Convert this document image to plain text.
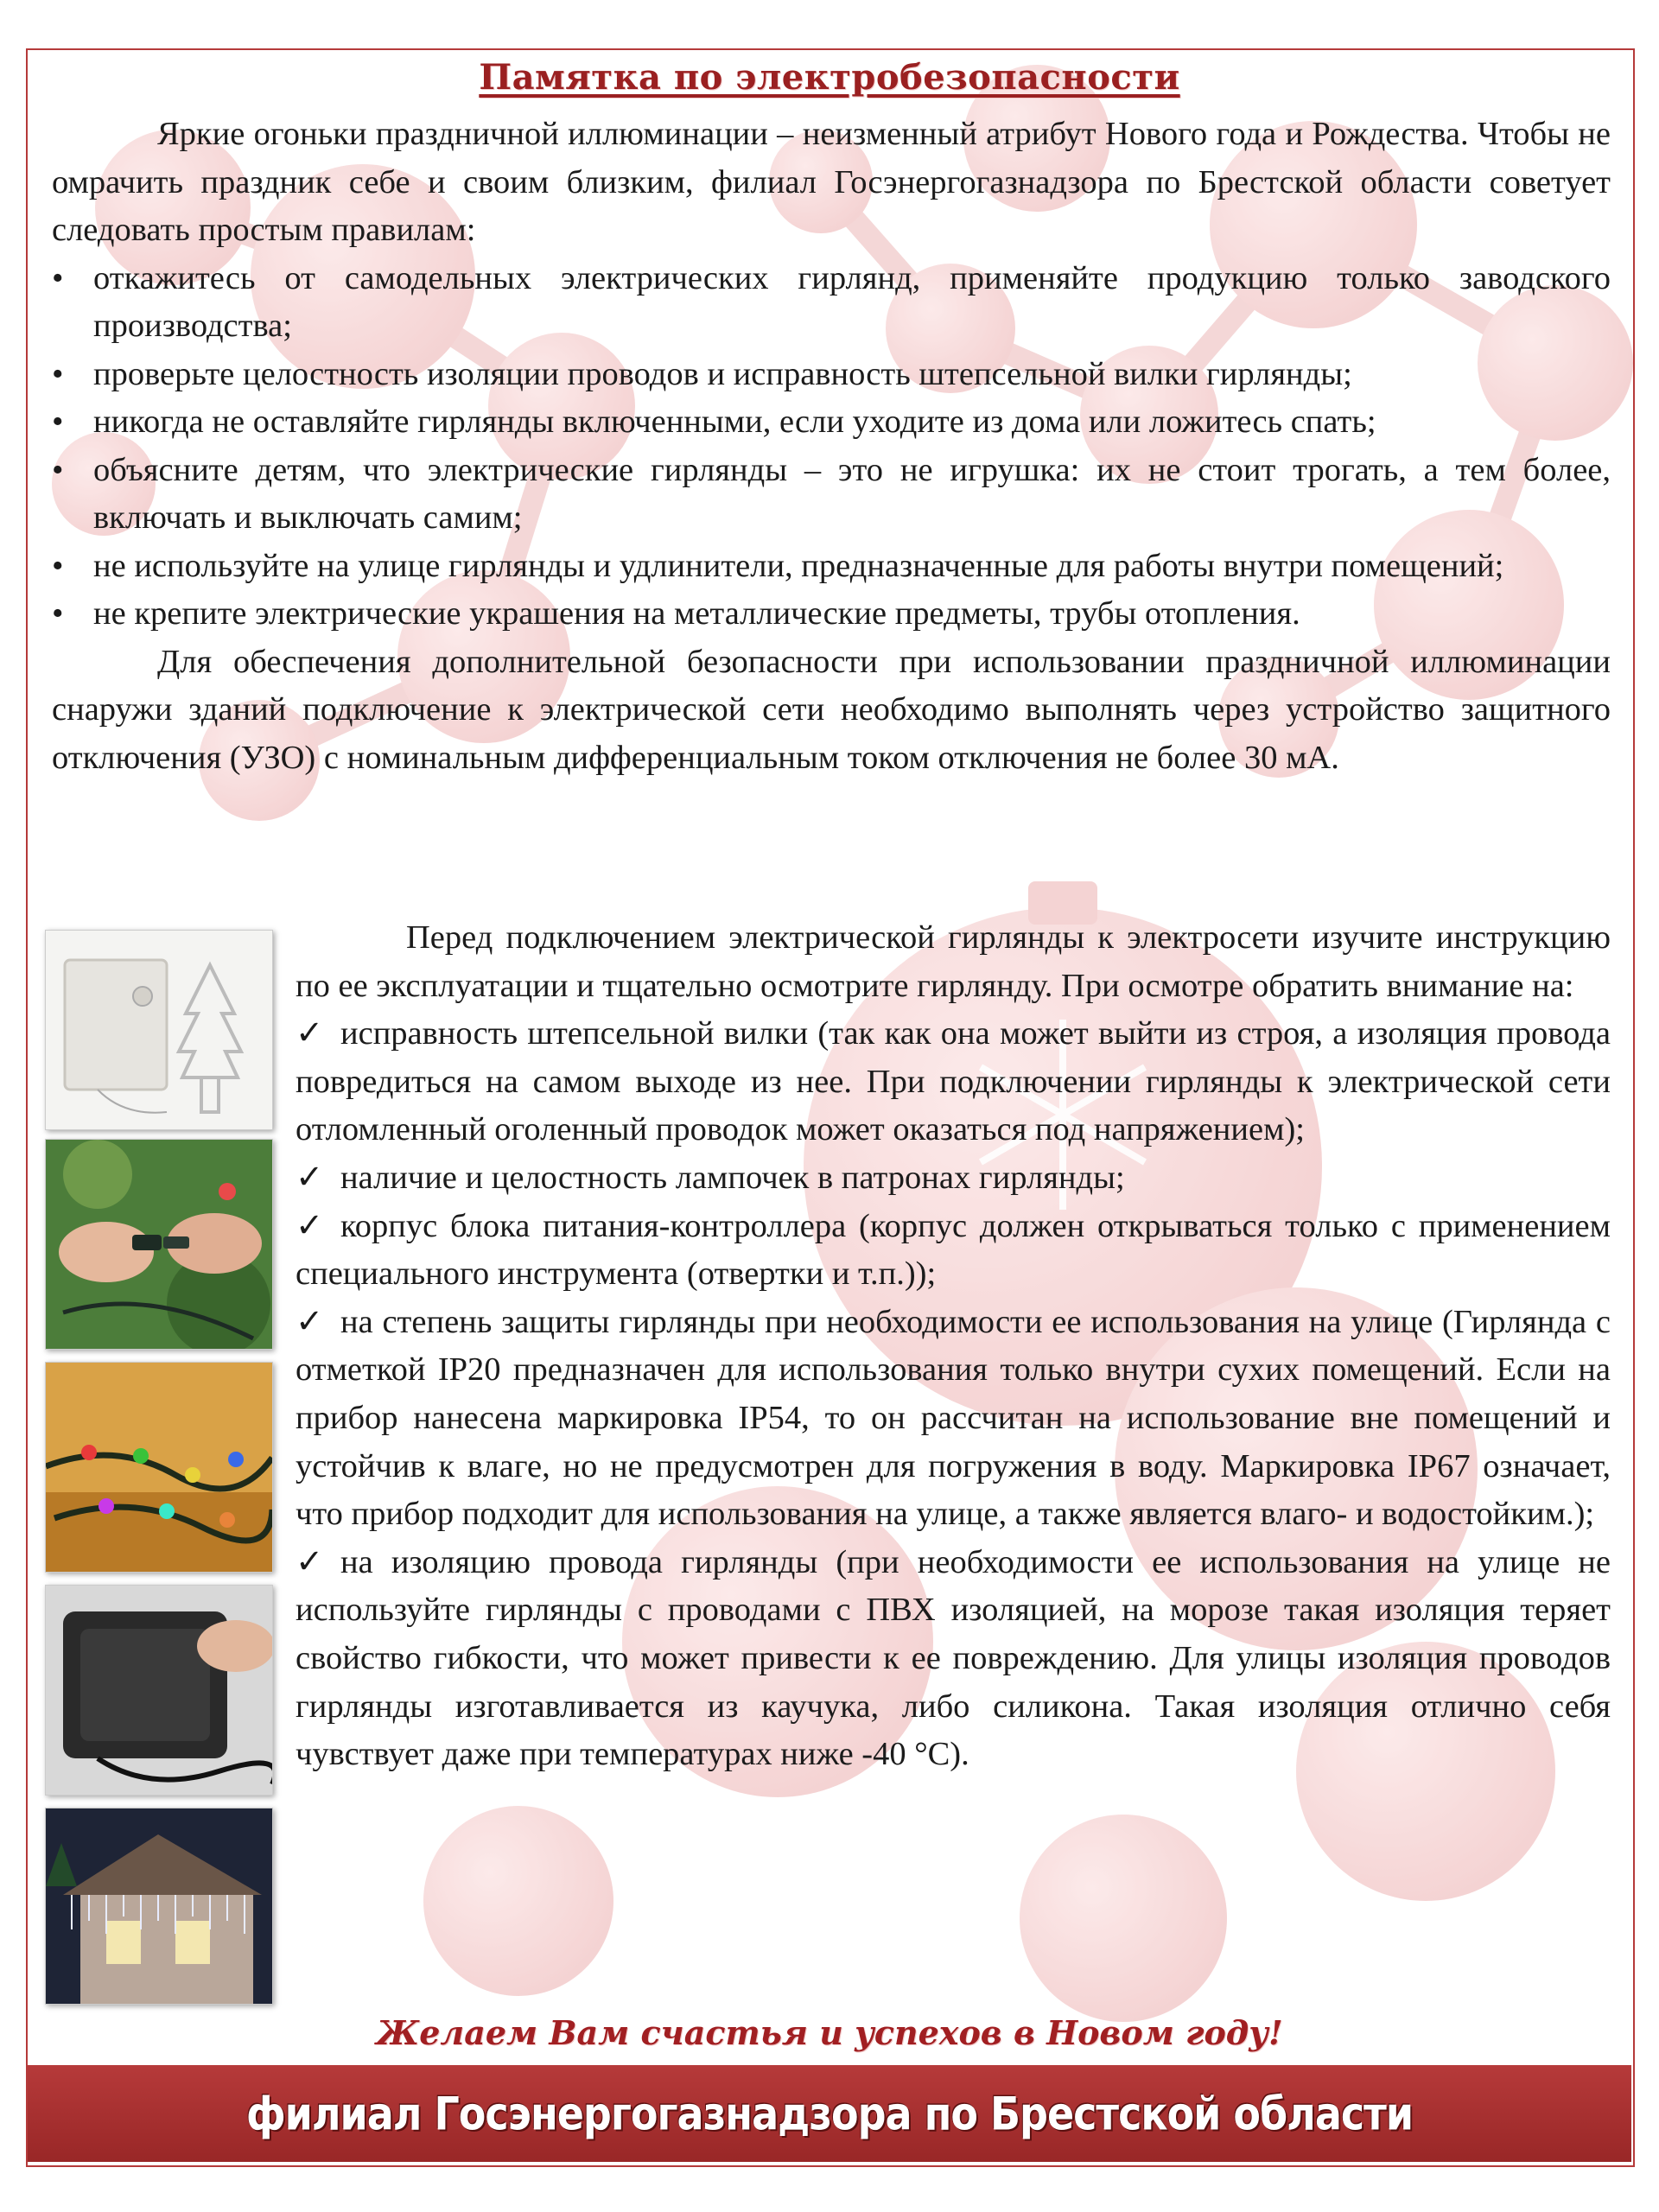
Памятка по электробезопасности

Яркие огоньки праздничной иллюминации – неизменный атрибут Нового года и Рождества. Чтобы не омрачить праздник себе и своим близким, филиал Госэнергогазнадзора по Брестской области советует следовать простым правилам:

• откажитесь от самодельных электрических гирлянд, применяйте продукцию только заводского производства;

• проверьте целостность изоляции проводов и исправность штепсельной вилки гирлянды;

• никогда не оставляйте гирлянды включенными, если уходите из дома или ложитесь спать;

• объясните детям, что электрические гирлянды – это не игрушка: их не стоит трогать, а тем более, включать и выключать самим;

• не используйте на улице гирлянды и удлинители, предназначенные для работы внутри помещений;

• не крепите электрические украшения на металлические предметы, трубы отопления.

Для обеспечения дополнительной безопасности при использовании праздничной иллюминации снаружи зданий подключение к электрической сети необходимо выполнять через устройство защитного отключения (УЗО) с номинальным дифференциальным током отключения не более 30 мА.

Перед подключением электрической гирлянды к электросети изучите инструкцию по ее эксплуатации и тщательно осмотрите гирлянду. При осмотре обратить внимание на:

✓ исправность штепсельной вилки (так как она может выйти из строя, а изоляция провода повредиться на самом выходе из нее. При подключении гирлянды к электрической сети отломленный оголенный проводок может оказаться под напряжением);

✓ наличие и целостность лампочек в патронах гирлянды;

✓ корпус блока питания-контроллера (корпус должен открываться только с применением специального инструмента (отвертки и т.п.));

✓ на степень защиты гирлянды при необходимости ее использования на улице (Гирлянда с отметкой IP20 предназначен для использования только внутри сухих помещений. Если на прибор нанесена маркировка IP54, то он рассчитан на использование вне помещений и устойчив к влаге, но не предусмотрен для погружения в воду. Маркировка IP67 означает, что прибор подходит для использования на улице, а также является влаго- и водостойким.);

✓ на изоляцию провода гирлянды (при необходимости ее использования на улице не используйте гирлянды с проводами с ПВХ изоляцией, на морозе такая изоляция теряет свойство гибкости, что может привести к ее повреждению. Для улицы изоляция проводов гирлянды изготавливается из каучука, либо силикона. Такая изоляция отлично себя чувствует даже при температурах ниже -40 °C).

Желаем Вам счастья и успехов в Новом году!
филиал Госэнергогазнадзора по Брестской области
